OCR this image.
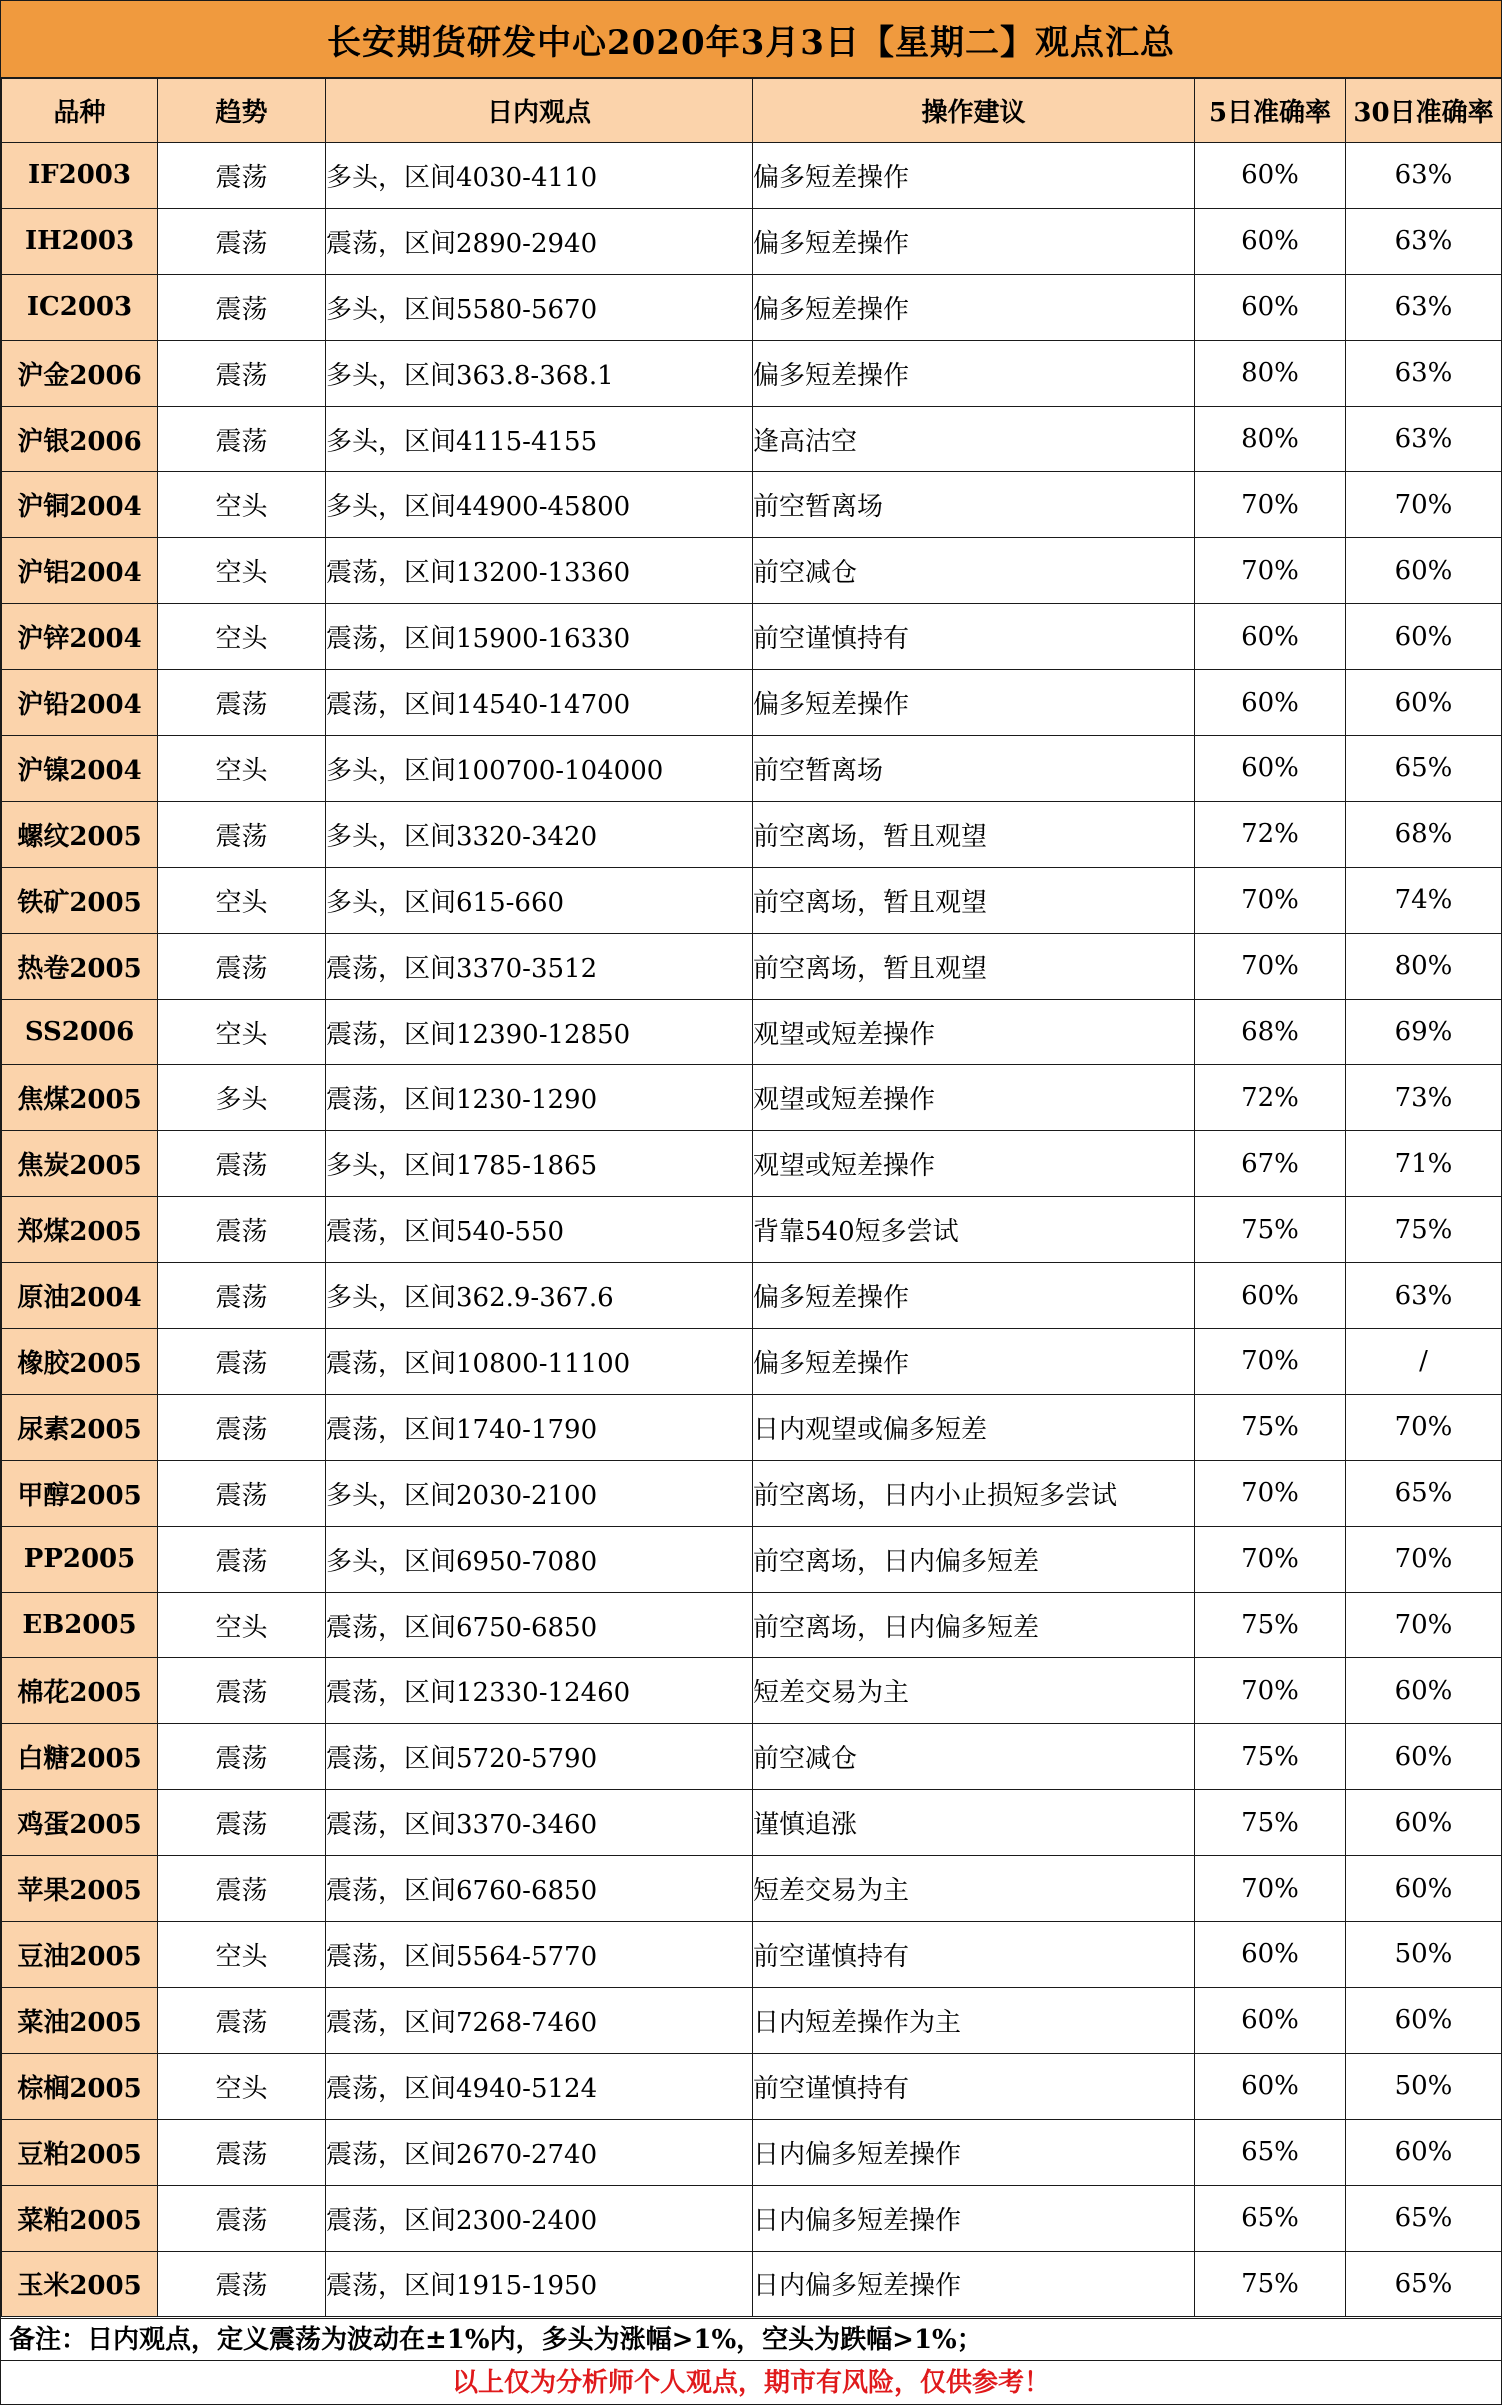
长安期货研发中心2020年3月3日【星期二】观点汇总
品种	趋势	日内观点	操作建议	5日准确率	30日准确率
IF2003	震荡	多头，区间4030-4110	偏多短差操作	60%	63%
IH2003	震荡	震荡，区间2890-2940	偏多短差操作	60%	63%
IC2003	震荡	多头，区间5580-5670	偏多短差操作	60%	63%
沪金2006	震荡	多头，区间363.8-368.1	偏多短差操作	80%	63%
沪银2006	震荡	多头，区间4115-4155	逢高沽空	80%	63%
沪铜2004	空头	多头，区间44900-45800	前空暂离场	70%	70%
沪铝2004	空头	震荡，区间13200-13360	前空减仓	70%	60%
沪锌2004	空头	震荡，区间15900-16330	前空谨慎持有	60%	60%
沪铅2004	震荡	震荡，区间14540-14700	偏多短差操作	60%	60%
沪镍2004	空头	多头，区间100700-104000	前空暂离场	60%	65%
螺纹2005	震荡	多头，区间3320-3420	前空离场，暂且观望	72%	68%
铁矿2005	空头	多头，区间615-660	前空离场，暂且观望	70%	74%
热卷2005	震荡	震荡，区间3370-3512	前空离场，暂且观望	70%	80%
SS2006	空头	震荡，区间12390-12850	观望或短差操作	68%	69%
焦煤2005	多头	震荡，区间1230-1290	观望或短差操作	72%	73%
焦炭2005	震荡	多头，区间1785-1865	观望或短差操作	67%	71%
郑煤2005	震荡	震荡，区间540-550	背靠540短多尝试	75%	75%
原油2004	震荡	多头，区间362.9-367.6	偏多短差操作	60%	63%
橡胶2005	震荡	震荡，区间10800-11100	偏多短差操作	70%	/
尿素2005	震荡	震荡，区间1740-1790	日内观望或偏多短差	75%	70%
甲醇2005	震荡	多头，区间2030-2100	前空离场，日内小止损短多尝试	70%	65%
PP2005	震荡	多头，区间6950-7080	前空离场，日内偏多短差	70%	70%
EB2005	空头	震荡，区间6750-6850	前空离场，日内偏多短差	75%	70%
棉花2005	震荡	震荡，区间12330-12460	短差交易为主	70%	60%
白糖2005	震荡	震荡，区间5720-5790	前空减仓	75%	60%
鸡蛋2005	震荡	震荡，区间3370-3460	谨慎追涨	75%	60%
苹果2005	震荡	震荡，区间6760-6850	短差交易为主	70%	60%
豆油2005	空头	震荡，区间5564-5770	前空谨慎持有	60%	50%
菜油2005	震荡	震荡，区间7268-7460	日内短差操作为主	60%	60%
棕榈2005	空头	震荡，区间4940-5124	前空谨慎持有	60%	50%
豆粕2005	震荡	震荡，区间2670-2740	日内偏多短差操作	65%	60%
菜粕2005	震荡	震荡，区间2300-2400	日内偏多短差操作	65%	65%
玉米2005	震荡	震荡，区间1915-1950	日内偏多短差操作	75%	65%
备注：日内观点，定义震荡为波动在±1%内，多头为涨幅>1%，空头为跌幅>1%；
以上仅为分析师个人观点，期市有风险，仅供参考！
